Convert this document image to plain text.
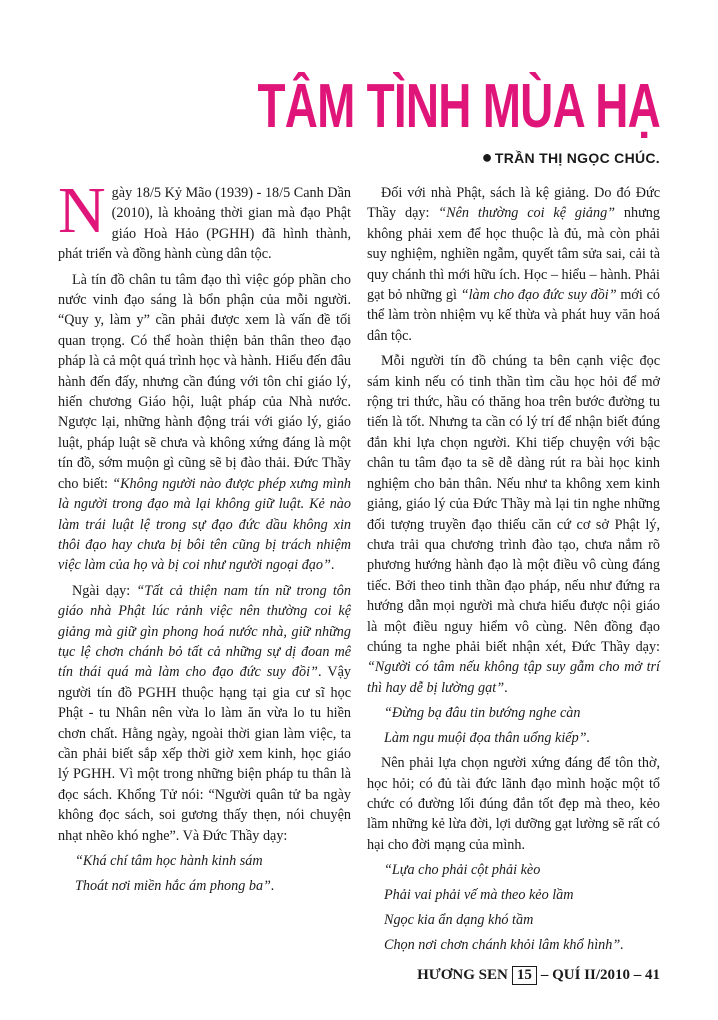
TÂM TÌNH MÙA HẠ
● TRẦN THỊ NGỌC CHÚC.

Ngày 18/5 Kỷ Mão (1939) - 18/5 Canh Dần (2010), là khoảng thời gian mà đạo Phật giáo Hoà Hảo (PGHH) đã hình thành, phát triển và đồng hành cùng dân tộc.

Là tín đồ chân tu tâm đạo thì việc góp phần cho nước vinh đạo sáng là bổn phận của mỗi người. “Quy y, làm y” cần phải được xem là vấn đề tối quan trọng. Có thể hoàn thiện bản thân theo đạo pháp là cả một quá trình học và hành. Hiểu đến đâu hành đến đấy, nhưng cần đúng với tôn chỉ giáo lý, hiến chương Giáo hội, luật pháp của Nhà nước. Ngược lại, những hành động trái với giáo lý, giáo luật, pháp luật sẽ chưa và không xứng đáng là một tín đồ, sớm muộn gì cũng sẽ bị đào thải. Đức Thầy cho biết: “Không người nào được phép xưng mình là người trong đạo mà lại không giữ luật. Kẻ nào làm trái luật lệ trong sự đạo đức dầu không xin thôi đạo hay chưa bị bôi tên cũng bị trách nhiệm việc làm của họ và bị coi như người ngoại đạo”.

Ngài dạy: “Tất cả thiện nam tín nữ trong tôn giáo nhà Phật lúc rảnh việc nên thường coi kệ giảng mà giữ gìn phong hoá nước nhà, giữ những tục lệ chơn chánh bỏ tất cả những sự dị đoan mê tín thái quá mà làm cho đạo đức suy đồi”. Vậy người tín đồ PGHH thuộc hạng tại gia cư sĩ học Phật - tu Nhân nên vừa lo làm ăn vừa lo tu hiền chơn chất. Hằng ngày, ngoài thời gian làm việc, ta cần phải biết sắp xếp thời giờ xem kinh, học giáo lý PGHH. Vì một trong những biện pháp tu thân là đọc sách. Khổng Tử nói: “Người quân tử ba ngày không đọc sách, soi gương thấy thẹn, nói chuyện nhạt nhẽo khó nghe”. Và Đức Thầy dạy:

“Khá chí tâm học hành kinh sám

Thoát nơi miền hắc ám phong ba”.

Đối với nhà Phật, sách là kệ giảng. Do đó Đức Thầy dạy: “Nên thường coi kệ giảng” nhưng không phải xem để học thuộc là đủ, mà còn phải suy nghiệm, nghiền ngẫm, quyết tâm sửa sai, cải tà quy chánh thì mới hữu ích. Học – hiểu – hành. Phải gạt bỏ những gì “làm cho đạo đức suy đồi” mới có thể làm tròn nhiệm vụ kế thừa và phát huy văn hoá dân tộc.

Mỗi người tín đồ chúng ta bên cạnh việc đọc sám kinh nếu có tinh thần tìm cầu học hỏi để mở rộng tri thức, hầu có thăng hoa trên bước đường tu tiến là tốt. Nhưng ta cần có lý trí để nhận biết đúng đắn khi lựa chọn người. Khi tiếp chuyện với bậc chân tu tâm đạo ta sẽ dễ dàng rút ra bài học kinh nghiệm cho bản thân. Nếu như ta không xem kinh giảng, giáo lý của Đức Thầy mà lại tin nghe những đối tượng truyền đạo thiếu căn cứ cơ sở Phật lý, chưa trải qua chương trình đào tạo, chưa nắm rõ phương hướng hành đạo là một điều vô cùng đáng tiếc. Bởi theo tinh thần đạo pháp, nếu như đứng ra hướng dẫn mọi người mà chưa hiểu được nội giáo là một điều nguy hiểm vô cùng. Nên đồng đạo chúng ta nghe phải biết nhận xét, Đức Thầy dạy: “Người có tâm nếu không tập suy gẫm cho mở trí thì hay dễ bị lường gạt”.

“Đừng bạ đâu tin bướng nghe càn

Làm ngu muội đọa thân uổng kiếp”.

Nên phải lựa chọn người xứng đáng để tôn thờ, học hỏi; có đủ tài đức lãnh đạo mình hoặc một tổ chức có đường lối đúng đắn tốt đẹp mà theo, kẻo lầm những kẻ lừa đời, lợi dưỡng gạt lường sẽ rất có hại cho đời mạng của mình.

“Lựa cho phải cột phải kèo

Phải vai phải vế mà theo kẻo lầm

Ngọc kia ẩn dạng khó tầm

Chọn nơi chơn chánh khỏi lâm khổ hình”.

HƯƠNG SEN 15 – QUÍ II/2010 – 41
